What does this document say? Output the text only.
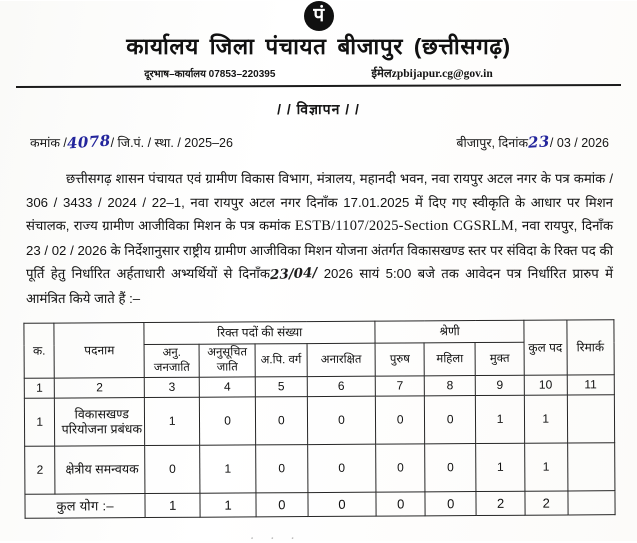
पं
कार्यालय जिला पंचायत बीजापुर (छत्तीसगढ़)
दूरभाष–कार्यालय 07853–220395	ईमेलzpbijapur.cg@gov.in
/ / विज्ञापन / /
कमांक /4078/ जि.पं. / स्था. / 2025–26	बीजापुर, दिनांक23/ 03 / 2026
छत्तीसगढ़ शासन पंचायत एवं ग्रामीण विकास विभाग, मंत्रालय, महानदी भवन, नवा रायपुर अटल नगर के पत्र कमांक / 306 / 3433 / 2024 / 22–1, नवा रायपुर अटल नगर दिनॉंक 17.01.2025 में दिए गए स्वीकृति के आधार पर मिशन संचालक, राज्य ग्रामीण आजीविका मिशन के पत्र कमांक ESTB/1107/2025-Section CGSRLM, नवा रायपुर, दिनॉंक 23 / 02 / 2026 के निर्देशानुसार राष्ट्रीय ग्रामीण आजीविका मिशन योजना अंतर्गत विकासखण्ड स्तर पर संविदा के रिक्त पद की पूर्ति हेतु निर्धारित अर्हताधारी अभ्यर्थियों से दिनॉंक23/04/ 2026 सायं 5:00 बजे तक आवेदन पत्र निर्धारित प्रारुप में आमंत्रित किये जाते हैं :–
क.	पदनाम	रिक्त पदों की संख्या				श्रेणी			कुल पद	रिमार्क
		अनु. जनजाति	अनुसूचित जाति	अ.पि. वर्ग	अनारक्षित	पुरुष	महिला	मुक्त		
1	2	3	4	5	6	7	8	9	10	11
1	विकासखण्ड परियोजना प्रबंधक	1	0	0	0	0	0	1	1	
2	क्षेत्रीय समन्वयक	0	1	0	0	0	0	1	1	
कुल योग :–		1	1	0	0	0	0	2	2	
. . .
